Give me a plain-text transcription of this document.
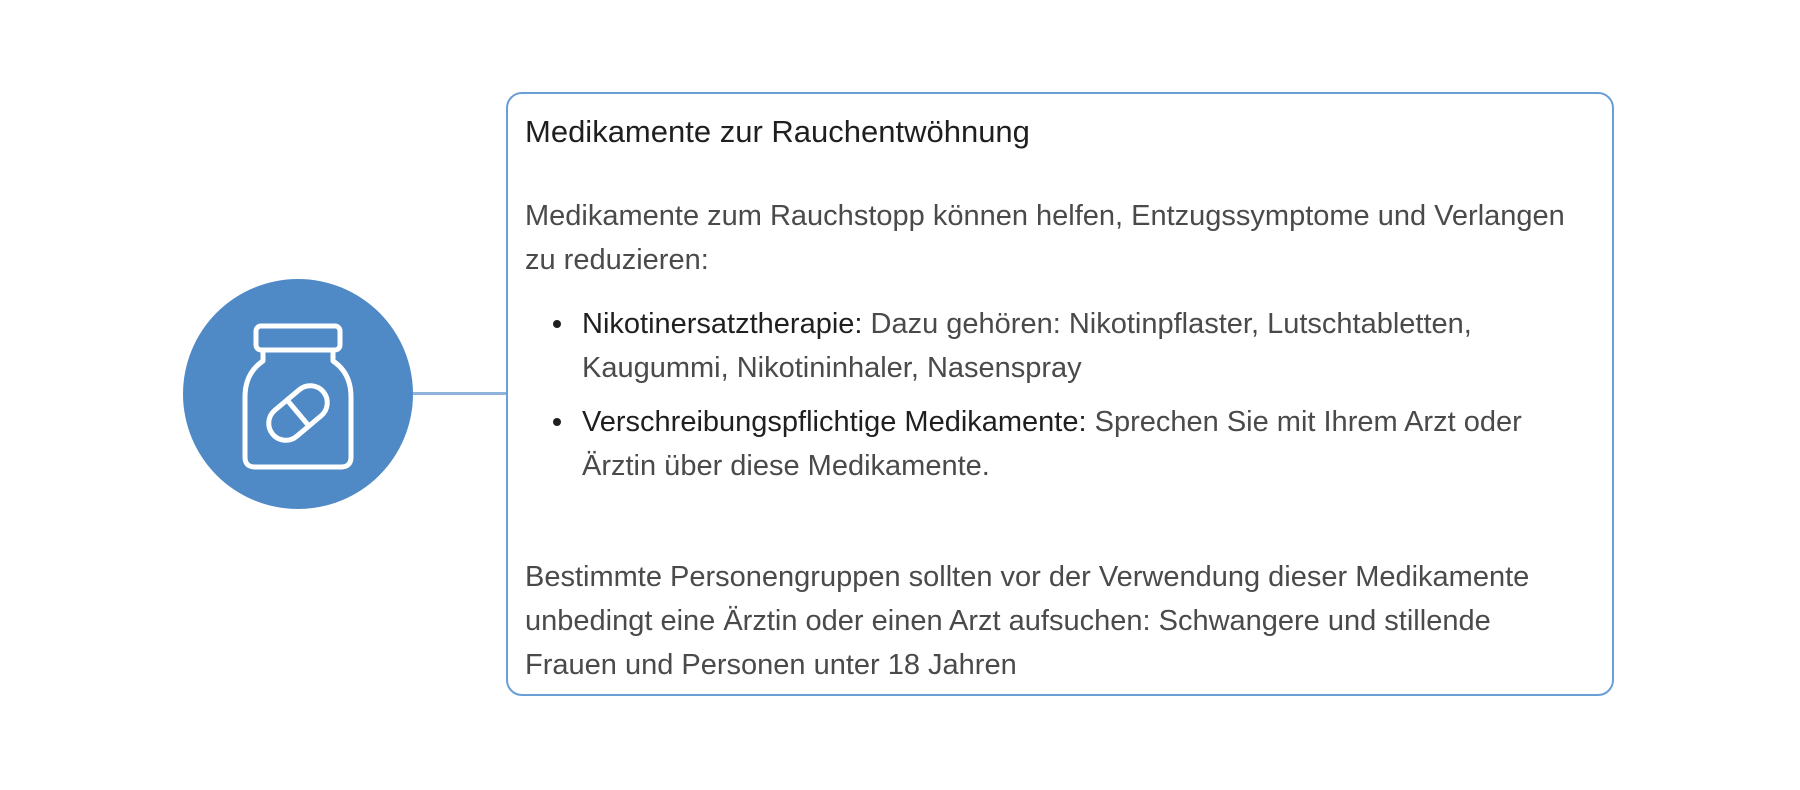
Medikamente zur Rauchentwöhnung

Medikamente zum Rauchstopp können helfen, Entzugssymptome und Verlangen zu reduzieren:

Nikotinersatztherapie: Dazu gehören: Nikotinpflaster, Lutschtabletten, Kaugummi, Nikotininhaler, Nasenspray
Verschreibungspflichtige Medikamente: Sprechen Sie mit Ihrem Arzt oder Ärztin über diese Medikamente.

Bestimmte Personengruppen sollten vor der Verwendung dieser Medikamente unbedingt eine Ärztin oder einen Arzt aufsuchen: Schwangere und stillende Frauen und Personen unter 18 Jahren
